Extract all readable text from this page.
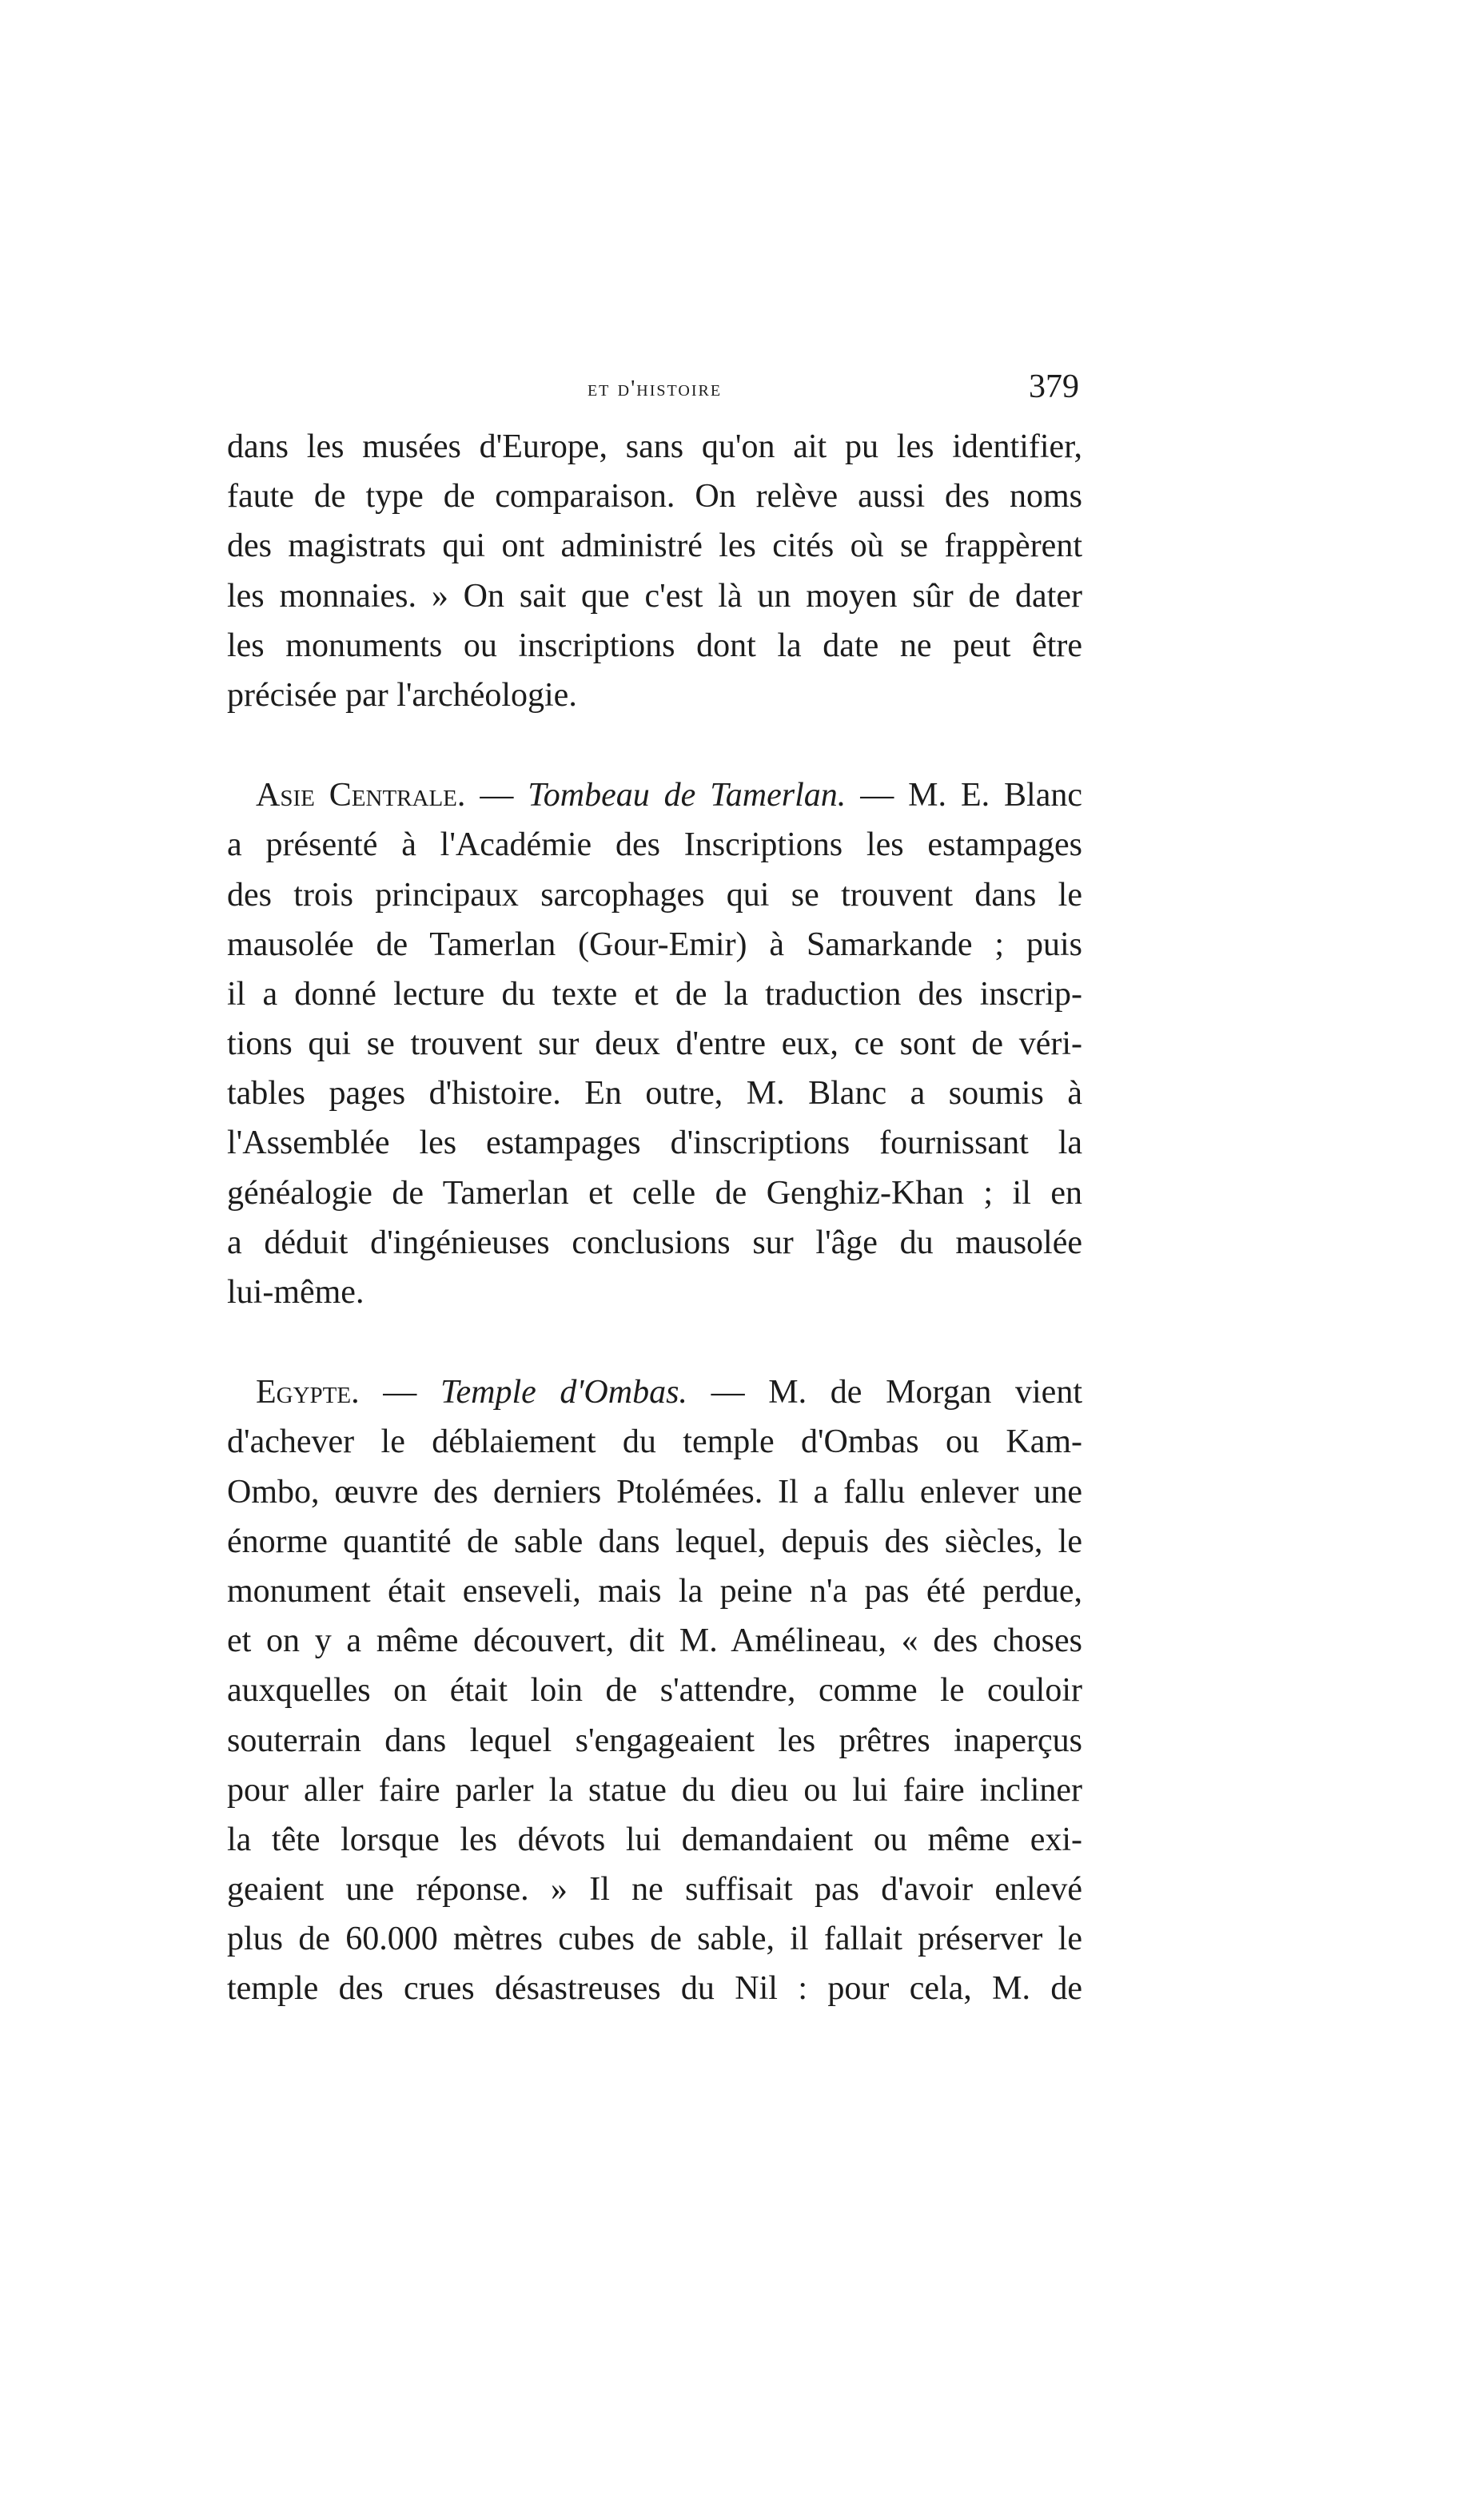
et d'histoire	379
dans les musées d'Europe, sans qu'on ait pu les identifier,
faute de type de comparaison. On relève aussi des noms
des magistrats qui ont administré les cités où se frappèrent
les monnaies. » On sait que c'est là un moyen sûr de dater
les monuments ou inscriptions dont la date ne peut être
précisée par l'archéologie.
Asie Centrale. — Tombeau de Tamerlan. — M. E. Blanc
a présenté à l'Académie des Inscriptions les estampages
des trois principaux sarcophages qui se trouvent dans le
mausolée de Tamerlan (Gour-Emir) à Samarkande ; puis
il a donné lecture du texte et de la traduction des inscrip-
tions qui se trouvent sur deux d'entre eux, ce sont de véri-
tables pages d'histoire. En outre, M. Blanc a soumis à
l'Assemblée les estampages d'inscriptions fournissant la
généalogie de Tamerlan et celle de Genghiz-Khan ; il en
a déduit d'ingénieuses conclusions sur l'âge du mausolée
lui-même.
Egypte. — Temple d'Ombas. — M. de Morgan vient
d'achever le déblaiement du temple d'Ombas ou Kam-
Ombo, œuvre des derniers Ptolémées. Il a fallu enlever une
énorme quantité de sable dans lequel, depuis des siècles, le
monument était enseveli, mais la peine n'a pas été perdue,
et on y a même découvert, dit M. Amélineau, « des choses
auxquelles on était loin de s'attendre, comme le couloir
souterrain dans lequel s'engageaient les prêtres inaperçus
pour aller faire parler la statue du dieu ou lui faire incliner
la tête lorsque les dévots lui demandaient ou même exi-
geaient une réponse. » Il ne suffisait pas d'avoir enlevé
plus de 60.000 mètres cubes de sable, il fallait préserver le
temple des crues désastreuses du Nil : pour cela, M. de
